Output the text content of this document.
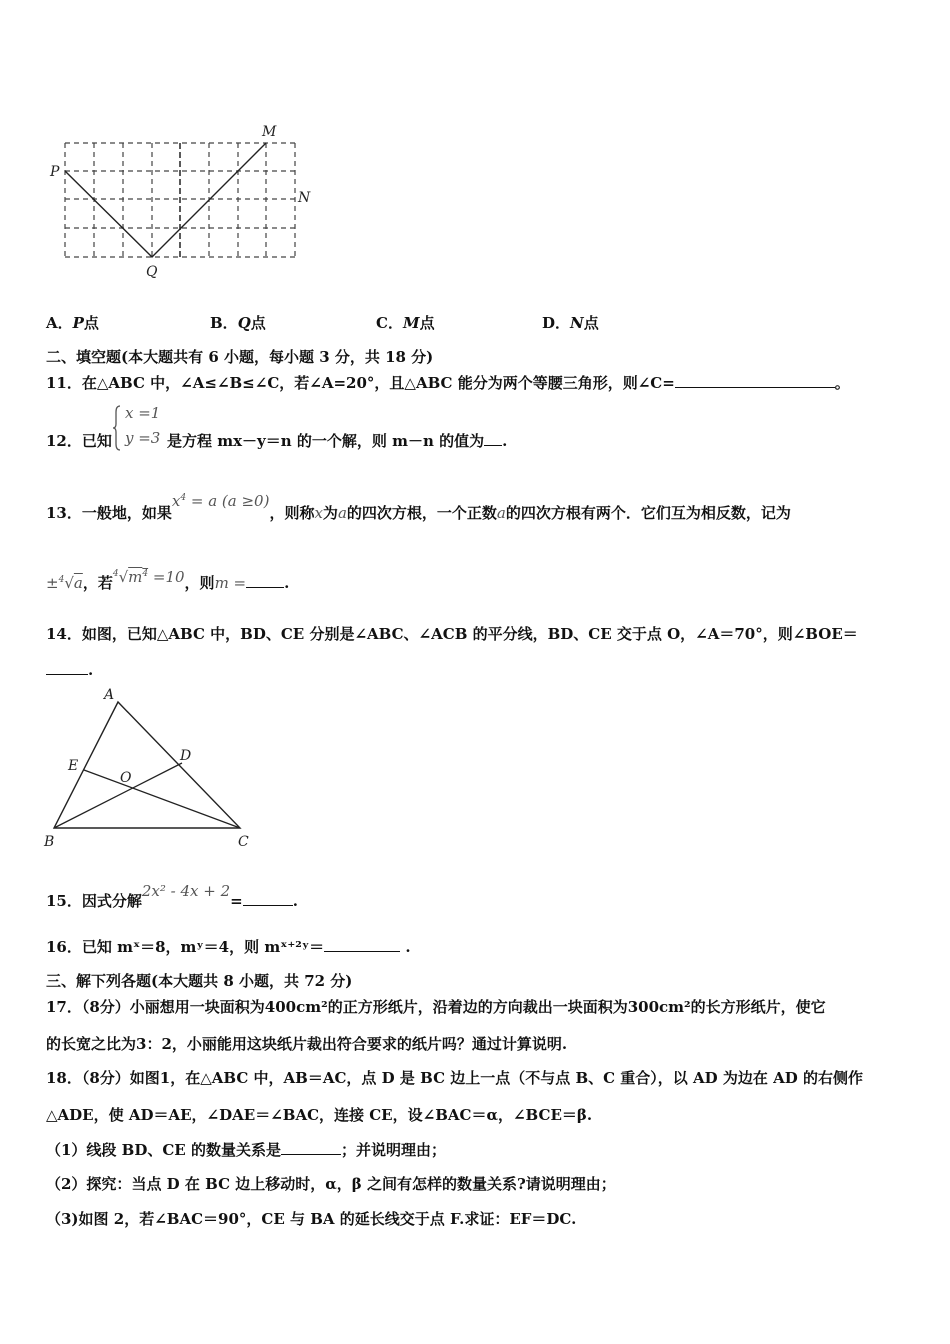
P
Q
M
N
A．P点	B．Q点	C．M点	D．N点
二、填空题(本大题共有 6 小题，每小题 3 分，共 18 分)
11．在△ABC 中，∠A≤∠B≤∠C，若∠A=20°，且△ABC 能分为两个等腰三角形，则∠C=	。
12．已知
x =1
y =3 是方程 mx－y＝n 的一个解，则 m－n 的值为 .
13．一般地，如果$x^4 = a$ (a ≥0)，则称x为a的四次方根，一个正数a的四次方根有两个．它们互为相反数，记为
±$^4$√a，若$^4√m^4 =10$，则m =	.
14．如图，已知△ABC 中，BD、CE 分别是∠ABC、∠ACB 的平分线，BD、CE 交于点 O，∠A＝70°，则∠BOE＝
.
A
B	C
D
E
O
15．因式分解2x² - 4x + 2=	.
16．已知 mˣ＝8，mʸ＝4，则 mˣ⁺²ʸ＝	.
三、解下列各题(本大题共 8 小题，共 72 分)
17．（8分）小丽想用一块面积为400cm²的正方形纸片，沿着边的方向裁出一块面积为300cm²的长方形纸片，使它
的长宽之比为3：2，小丽能用这块纸片裁出符合要求的纸片吗？通过计算说明.
18．（8分）如图1，在△ABC 中，AB＝AC，点 D 是 BC 边上一点（不与点 B、C 重合），以 AD 为边在 AD 的右侧作
△ADE，使 AD＝AE，∠DAE＝∠BAC，连接 CE，设∠BAC＝α，∠BCE＝β.
（1）线段 BD、CE 的数量关系是	；并说明理由；
（2）探究：当点 D 在 BC 边上移动时，α，β 之间有怎样的数量关系?请说明理由；
（3)如图 2，若∠BAC＝90°，CE 与 BA 的延长线交于点 F.求证：EF＝DC.
